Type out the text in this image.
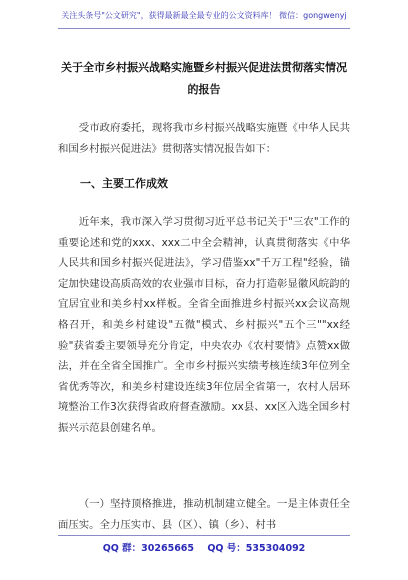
关注头条号"公文研究"，获得最新最全最专业的公文资料库！ 微信：gongwenyj
关于全市乡村振兴战略实施暨乡村振兴促进法贯彻落实情况的报告
受市政府委托，现将我市乡村振兴战略实施暨《中华人民共和国乡村振兴促进法》贯彻落实情况报告如下：
一、主要工作成效
近年来，我市深入学习贯彻习近平总书记关于"三农"工作的重要论述和党的xxx、xxx二中全会精神，认真贯彻落实《中华人民共和国乡村振兴促进法》，学习借鉴xx"千万工程"经验，锚定加快建设高质高效的农业强市目标，奋力打造彰显徽风皖韵的宜居宜业和美乡村xx样板。全省全面推进乡村振兴xx会议高规格召开，和美乡村建设"五微"模式、乡村振兴"五个三""xx经验"获省委主要领导充分肯定，中央农办《农村要情》点赞xx做法，并在全省全国推广。全市乡村振兴实绩考核连续3年位列全省优秀等次，和美乡村建设连续3年位居全省第一，农村人居环境整治工作3次获得省政府督查激励。xx县、xx区入选全国乡村振兴示范县创建名单。
（一）坚持顶格推进，推动机制建立健全。一是主体责任全面压实。全力压实市、县（区）、镇（乡）、村书
QQ 群：30265665 QQ 号：535304092
